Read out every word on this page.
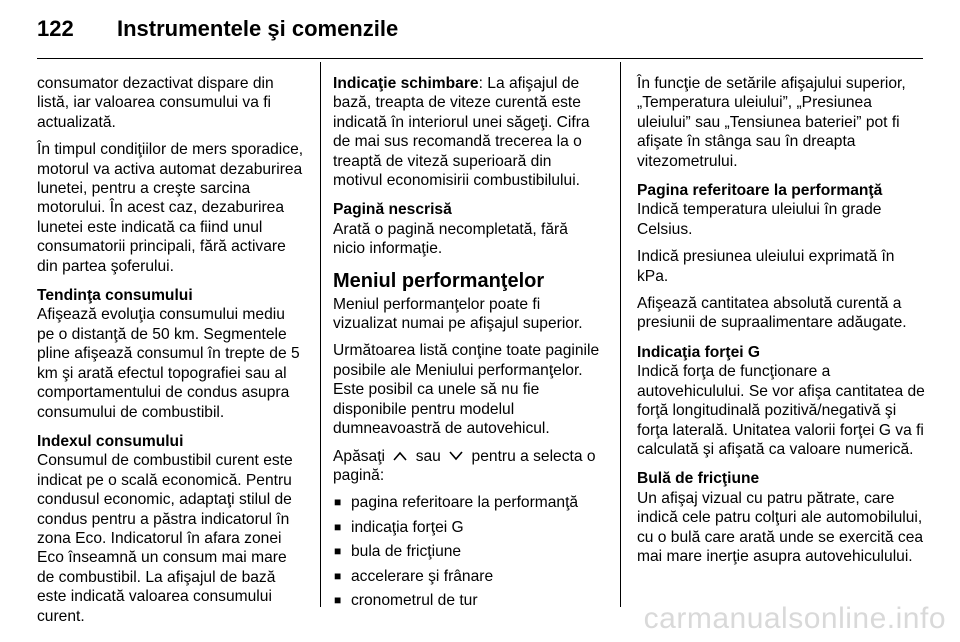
122	Instrumentele şi comenzile

consumator dezactivat dispare din listă, iar valoarea consumului va fi actualizată.

În timpul condiţiilor de mers sporadice, motorul va activa automat dezaburirea lunetei, pentru a creşte sarcina motorului. În acest caz, dezaburirea lunetei este indicată ca fiind unul consumatorii principali, fără activare din partea şoferului.

Tendinţa consumului
Afişează evoluţia consumului mediu pe o distanţă de 50 km. Segmentele pline afişează consumul în trepte de 5 km şi arată efectul topografiei sau al comportamentului de condus asupra consumului de combustibil.

Indexul consumului
Consumul de combustibil curent este indicat pe o scală economică. Pentru condusul economic, adaptaţi stilul de condus pentru a păstra indicatorul în zona Eco. Indicatorul în afara zonei Eco înseamnă un consum mai mare de combustibil. La afişajul de bază este indicată valoarea consumului curent.

Indicaţie schimbare: La afişajul de bază, treapta de viteze curentă este indicată în interiorul unei săgeţi. Cifra de mai sus recomandă trecerea la o treaptă de viteză superioară din motivul economisirii combustibilului.

Pagină nescrisă
Arată o pagină necompletată, fără nicio informaţie.

Meniul performanţelor

Meniul performanţelor poate fi vizualizat numai pe afişajul superior.

Următoarea listă conţine toate paginile posibile ale Meniului performanţelor. Este posibil ca unele să nu fie disponibile pentru modelul dumneavoastră de autovehicul.

Apăsaţi sau pentru a selecta o pagină:

■ pagina referitoare la performanţă
■ indicaţia forţei G
■ bula de fricţiune
■ accelerare şi frânare
■ cronometrul de tur

În funcţie de setările afişajului superior, „Temperatura uleiului”, „Presiunea uleiului” sau „Tensiunea bateriei” pot fi afişate în stânga sau în dreapta vitezometrului.

Pagina referitoare la performanţă
Indică temperatura uleiului în grade Celsius.

Indică presiunea uleiului exprimată în kPa.

Afişează cantitatea absolută curentă a presiunii de supraalimentare adăugate.

Indicaţia forţei G
Indică forţa de funcţionare a autovehiculului. Se vor afişa cantitatea de forţă longitudinală pozitivă/negativă şi forţa laterală. Unitatea valorii forţei G va fi calculată şi afişată ca valoare numerică.

Bulă de fricţiune
Un afişaj vizual cu patru pătrate, care indică cele patru colţuri ale automobilului, cu o bulă care arată unde se exercită cea mai mare inerţie asupra autovehiculului.

carmanualsonline.info
